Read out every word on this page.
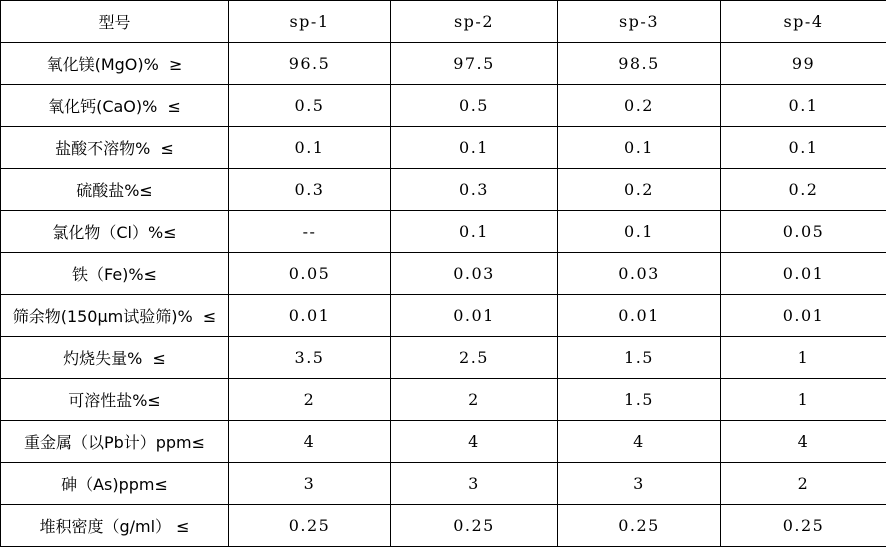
型号	sp-1	sp-2	sp-3	sp-4
氧化镁(MgO)%  ≥	96.5	97.5	98.5	99
氧化钙(CaO)%  ≤	0.5	0.5	0.2	0.1
盐酸不溶物%  ≤	0.1	0.1	0.1	0.1
硫酸盐%≤	0.3	0.3	0.2	0.2
氯化物（Cl）%≤	--	0.1	0.1	0.05
铁（Fe)%≤	0.05	0.03	0.03	0.01
筛余物(150μm试验筛)%  ≤	0.01	0.01	0.01	0.01
灼烧失量%  ≤	3.5	2.5	1.5	1
可溶性盐%≤	2	2	1.5	1
重金属（以Pb计）ppm≤	4	4	4	4
砷（As)ppm≤	3	3	3	2
堆积密度（g/ml） ≤	0.25	0.25	0.25	0.25
